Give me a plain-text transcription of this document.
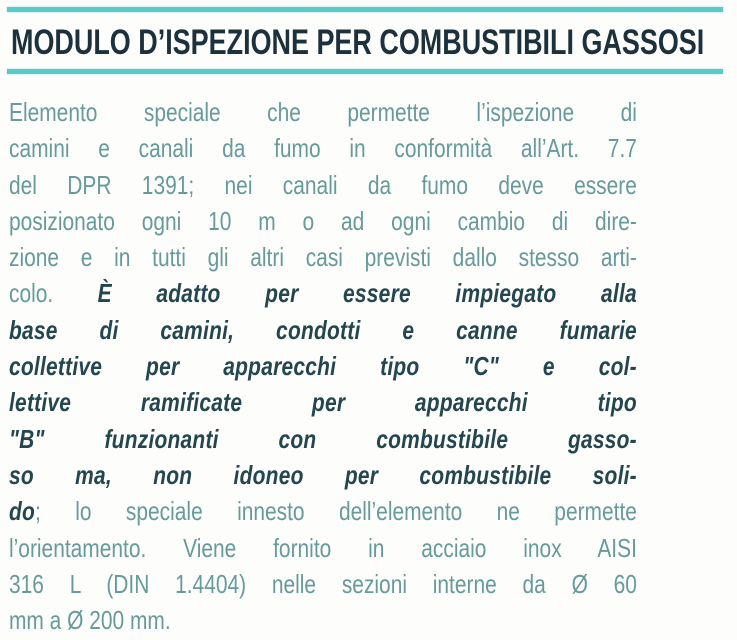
MODULO D’ISPEZIONE PER COMBUSTIBILI GASSOSI
Elemento speciale che permette l’ispezione di
camini e canali da fumo in conformità all’Art. 7.7
del DPR 1391; nei canali da fumo deve essere
posizionato ogni 10 m o ad ogni cambio di dire-
zione e in tutti gli altri casi previsti dallo stesso arti-
colo. È adatto per essere impiegato alla
base di camini, condotti e canne fumarie
collettive per apparecchi tipo "C" e col-
lettive ramificate per apparecchi tipo
"B" funzionanti con combustibile gasso-
so ma, non idoneo per combustibile soli-
do; lo speciale innesto dell’elemento ne permette
l’orientamento. Viene fornito in acciaio inox AISI
316 L (DIN 1.4404) nelle sezioni interne da Ø 60
mm a Ø 200 mm.
